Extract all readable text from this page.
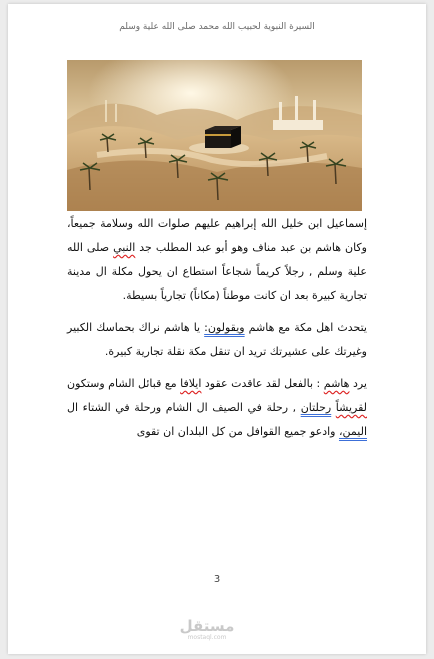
السيرة النبوية لحبيب الله محمد صلى الله علية وسلم

إسماعيل ابن خليل الله إبراهيم عليهم صلوات الله وسلامة جميعاً، وكان هاشم بن عبد مناف وهو أبو عبد المطلب جد النبي صلى الله علية وسلم , رجلاً كريماً شجاعاً استطاع ان يحول مكلة ال مدينة تجارية كبيرة بعد ان كانت موطناً (مكاناً) تجارياً بسيطة.

يتحدث اهل مكة مع هاشم ويقولون: يا هاشم نراك بحماسك الكبير وغيرتك على عشيرتك تريد ان تنقل مكة نقلة تجارية كبيرة.

يرد هاشم : بالفعل لقد عاقدت عقود ايلافا مع قبائل الشام وستكون لقريشاً رحلتان , رحلة في الصيف ال الشام ورحلة في الشتاء ال اليمن، وادعو جميع القوافل من كل البلدان ان تقوى

3
مستقل
mostaql.com
